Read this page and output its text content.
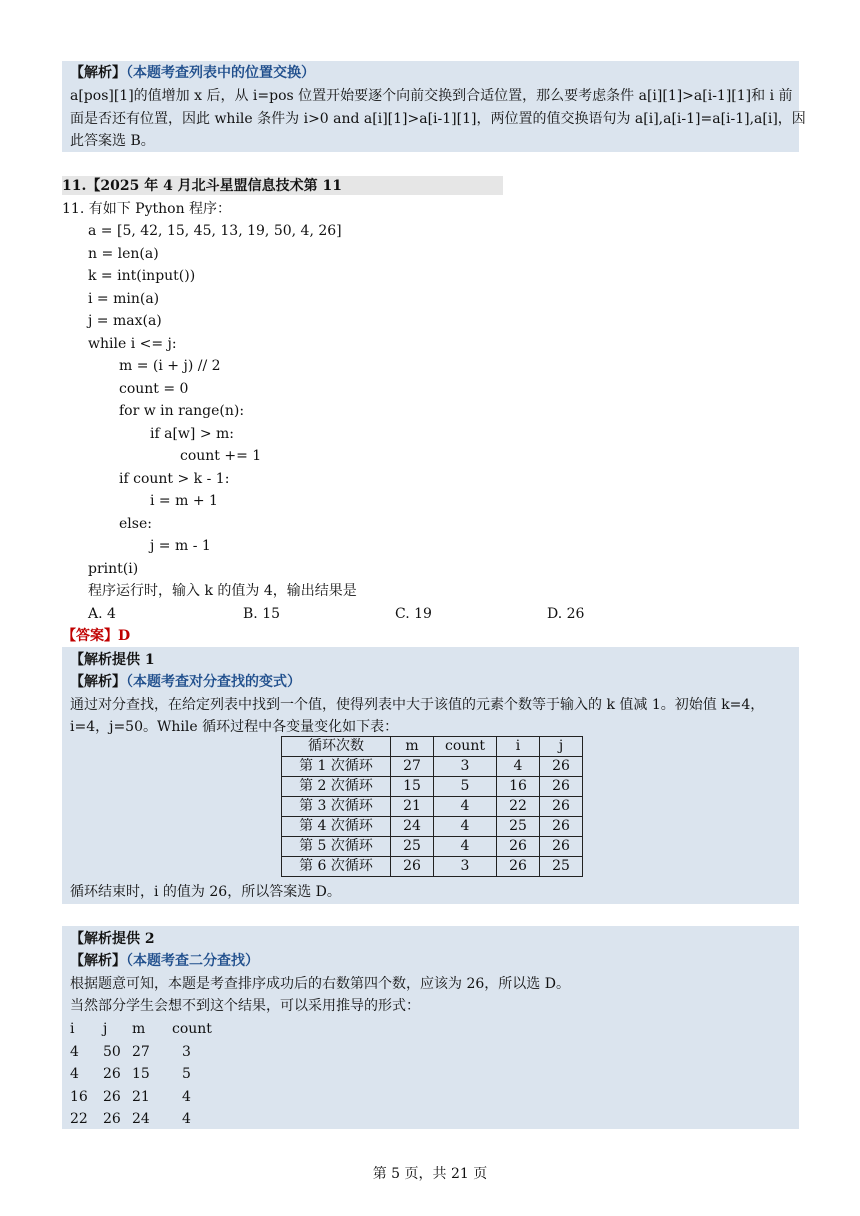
【解析】（本题考查列表中的位置交换）
a[pos][1]的值增加 x 后，从 i=pos 位置开始要逐个向前交换到合适位置，那么要考虑条件 a[i][1]>a[i-1][1]和 i 前
面是否还有位置，因此 while 条件为 i>0 and a[i][1]>a[i-1][1]，两位置的值交换语句为 a[i],a[i-1]=a[i-1],a[i]，因
此答案选 B。
11.【2025 年 4 月北斗星盟信息技术第 11
11. 有如下 Python 程序：
a = [5, 42, 15, 45, 13, 19, 50, 4, 26]
n = len(a)
k = int(input())
i = min(a)
j = max(a)
while i <= j:
m = (i + j) // 2
count = 0
for w in range(n):
if a[w] > m:
count += 1
if count > k - 1:
i = m + 1
else:
j = m - 1
print(i)
程序运行时，输入 k 的值为 4，输出结果是
A. 4	B. 15	C. 19	D. 26
【答案】D
【解析提供 1
【解析】（本题考查对分查找的变式）
通过对分查找，在给定列表中找到一个值，使得列表中大于该值的元素个数等于输入的 k 值减 1。初始值 k=4，
i=4，j=50。While 循环过程中各变量变化如下表：
循环次数	m	count	i	j
第 1 次循环	27	3	4	26
第 2 次循环	15	5	16	26
第 3 次循环	21	4	22	26
第 4 次循环	24	4	25	26
第 5 次循环	25	4	26	26
第 6 次循环	26	3	26	25
循环结束时，i 的值为 26，所以答案选 D。
【解析提供 2
【解析】（本题考查二分查找）
根据题意可知，本题是考查排序成功后的右数第四个数，应该为 26，所以选 D。
当然部分学生会想不到这个结果，可以采用推导的形式：
i j m count
4 50 27 3
4 26 15 5
16 26 21 4
22 26 24 4
第 5 页，共 21 页
